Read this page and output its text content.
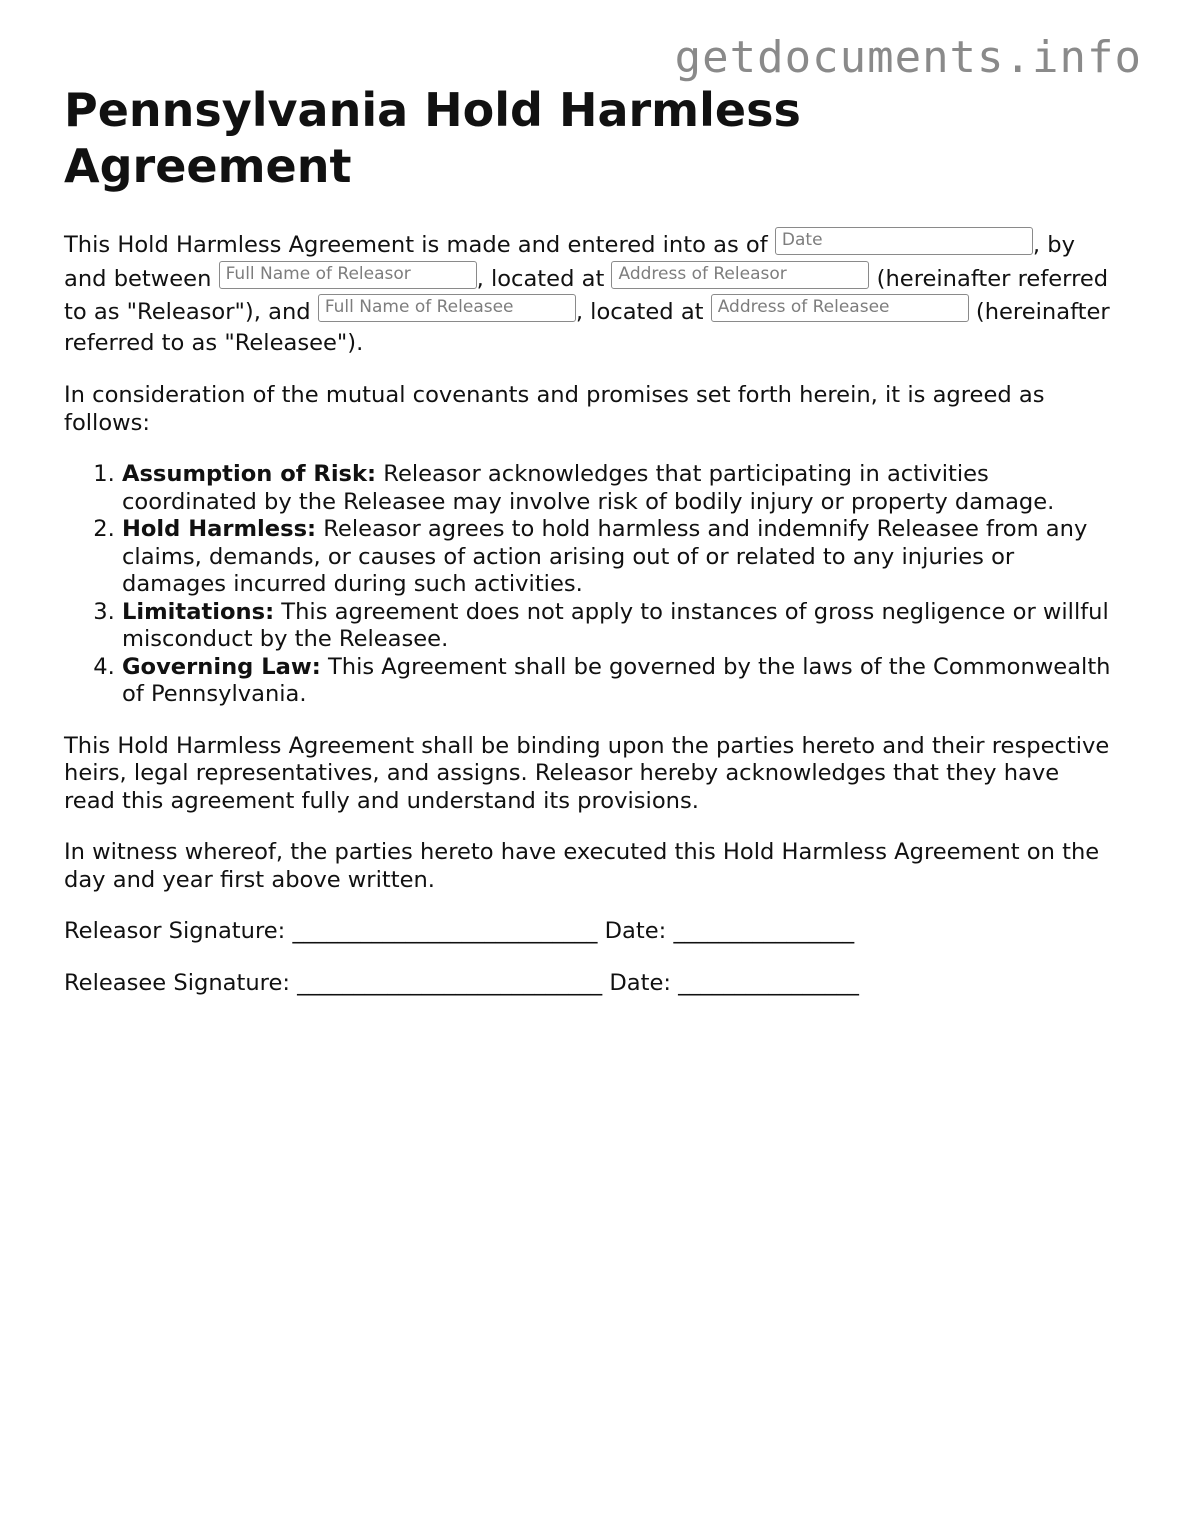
getdocuments.info
Pennsylvania Hold Harmless Agreement

This Hold Harmless Agreement is made and entered into as of Date	, by and between Full Name of Releasor	, located at Address of Releasor	(hereinafter referred to as "Releasor"), and Full Name of Releasee	, located at Address of Releasee	(hereinafter referred to as "Releasee").

In consideration of the mutual covenants and promises set forth herein, it is agreed as follows:

1. Assumption of Risk: Releasor acknowledges that participating in activities coordinated by the Releasee may involve risk of bodily injury or property damage.
2. Hold Harmless: Releasor agrees to hold harmless and indemnify Releasee from any claims, demands, or causes of action arising out of or related to any injuries or damages incurred during such activities.
3. Limitations: This agreement does not apply to instances of gross negligence or willful misconduct by the Releasee.
4. Governing Law: This Agreement shall be governed by the laws of the Commonwealth of Pennsylvania.

This Hold Harmless Agreement shall be binding upon the parties hereto and their respective heirs, legal representatives, and assigns. Releasor hereby acknowledges that they have read this agreement fully and understand its provisions.

In witness whereof, the parties hereto have executed this Hold Harmless Agreement on the day and year first above written.

Releasor Signature: ___________________________ Date: ________________

Releasee Signature: ___________________________ Date: ________________
